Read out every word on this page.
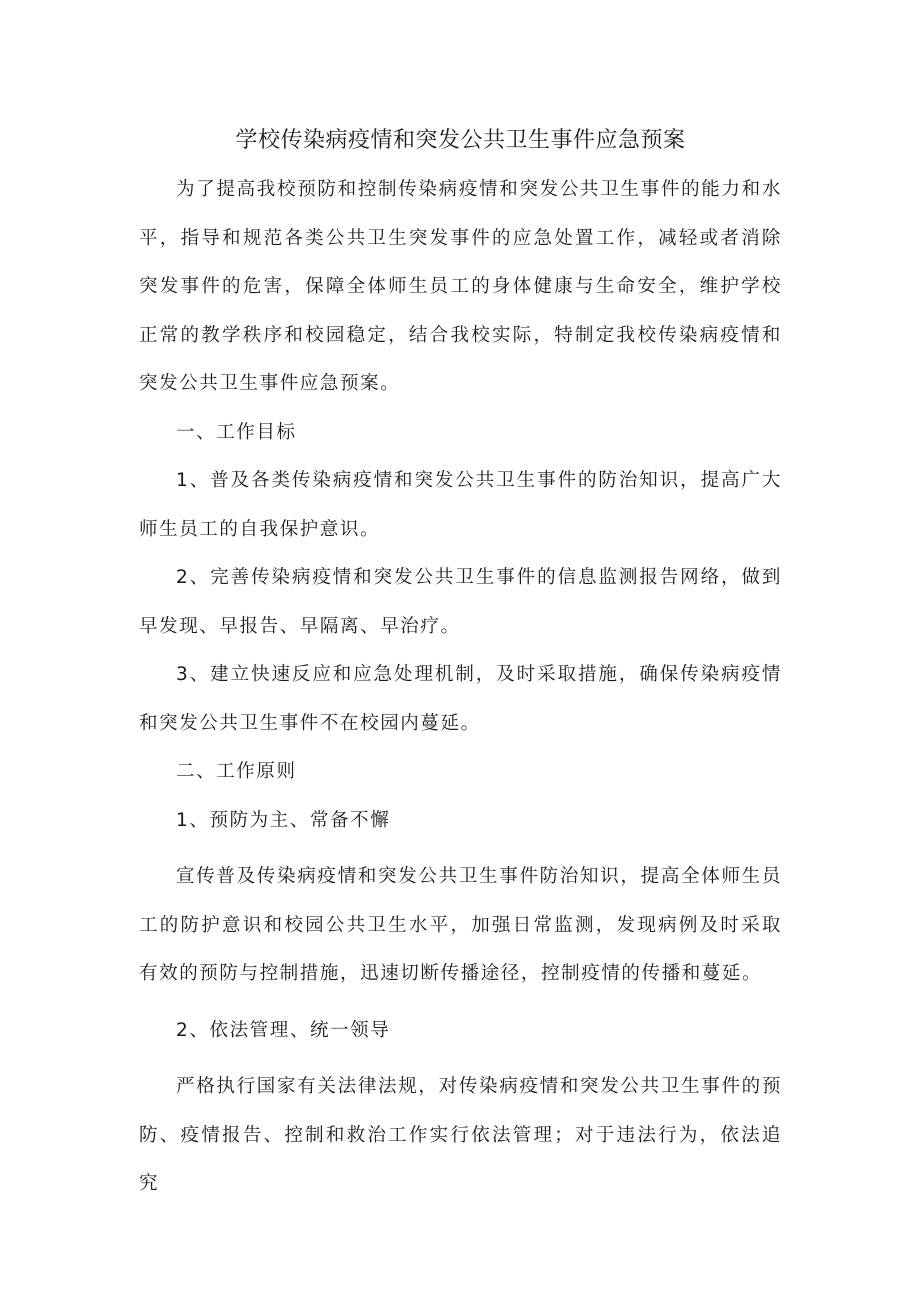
学校传染病疫情和突发公共卫生事件应急预案

为了提高我校预防和控制传染病疫情和突发公共卫生事件的能力和水平，指导和规范各类公共卫生突发事件的应急处置工作，减轻或者消除突发事件的危害，保障全体师生员工的身体健康与生命安全，维护学校正常的教学秩序和校园稳定，结合我校实际，特制定我校传染病疫情和突发公共卫生事件应急预案。

一、工作目标

1、普及各类传染病疫情和突发公共卫生事件的防治知识，提高广大师生员工的自我保护意识。

2、完善传染病疫情和突发公共卫生事件的信息监测报告网络，做到早发现、早报告、早隔离、早治疗。

3、建立快速反应和应急处理机制，及时采取措施，确保传染病疫情和突发公共卫生事件不在校园内蔓延。

二、工作原则

1、预防为主、常备不懈

宣传普及传染病疫情和突发公共卫生事件防治知识，提高全体师生员工的防护意识和校园公共卫生水平，加强日常监测，发现病例及时采取有效的预防与控制措施，迅速切断传播途径，控制疫情的传播和蔓延。

2、依法管理、统一领导

严格执行国家有关法律法规，对传染病疫情和突发公共卫生事件的预防、疫情报告、控制和救治工作实行依法管理；对于违法行为，依法追究
